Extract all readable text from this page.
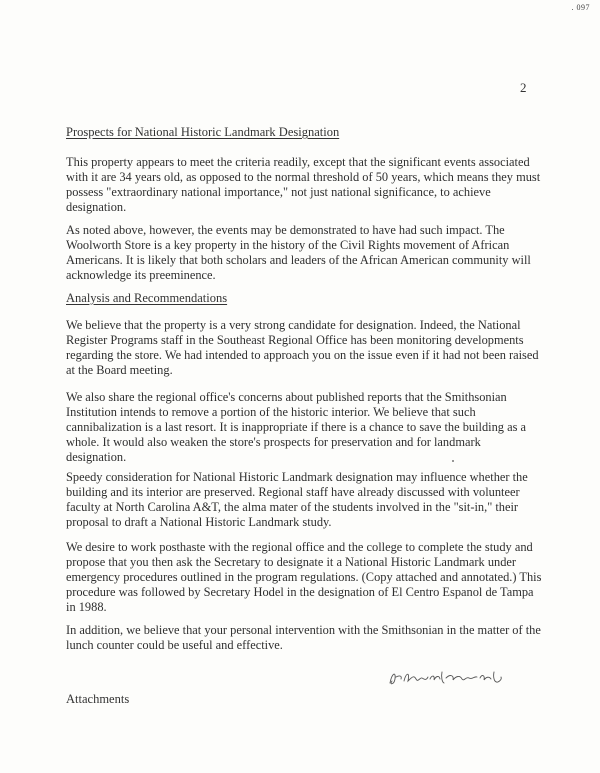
. 097
2
Prospects for National Historic Landmark Designation

This property appears to meet the criteria readily, except that the significant events associated with it are 34 years old, as opposed to the normal threshold of 50 years, which means they must possess "extraordinary national importance," not just national significance, to achieve designation.

As noted above, however, the events may be demonstrated to have had such impact. The Woolworth Store is a key property in the history of the Civil Rights movement of African Americans. It is likely that both scholars and leaders of the African American community will acknowledge its preeminence.

Analysis and Recommendations

We believe that the property is a very strong candidate for designation. Indeed, the National Register Programs staff in the Southeast Regional Office has been monitoring developments regarding the store. We had intended to approach you on the issue even if it had not been raised at the Board meeting.

We also share the regional office's concerns about published reports that the Smithsonian Institution intends to remove a portion of the historic interior. We believe that such cannibalization is a last resort. It is inappropriate if there is a chance to save the building as a whole. It would also weaken the store's prospects for preservation and for landmark designation.

Speedy consideration for National Historic Landmark designation may influence whether the building and its interior are preserved. Regional staff have already discussed with volunteer faculty at North Carolina A&T, the alma mater of the students involved in the "sit-in," their proposal to draft a National Historic Landmark study.

We desire to work posthaste with the regional office and the college to complete the study and propose that you then ask the Secretary to designate it a National Historic Landmark under emergency procedures outlined in the program regulations. (Copy attached and annotated.) This procedure was followed by Secretary Hodel in the designation of El Centro Espanol de Tampa in 1988.

In addition, we believe that your personal intervention with the Smithsonian in the matter of the lunch counter could be useful and effective.

Attachments
